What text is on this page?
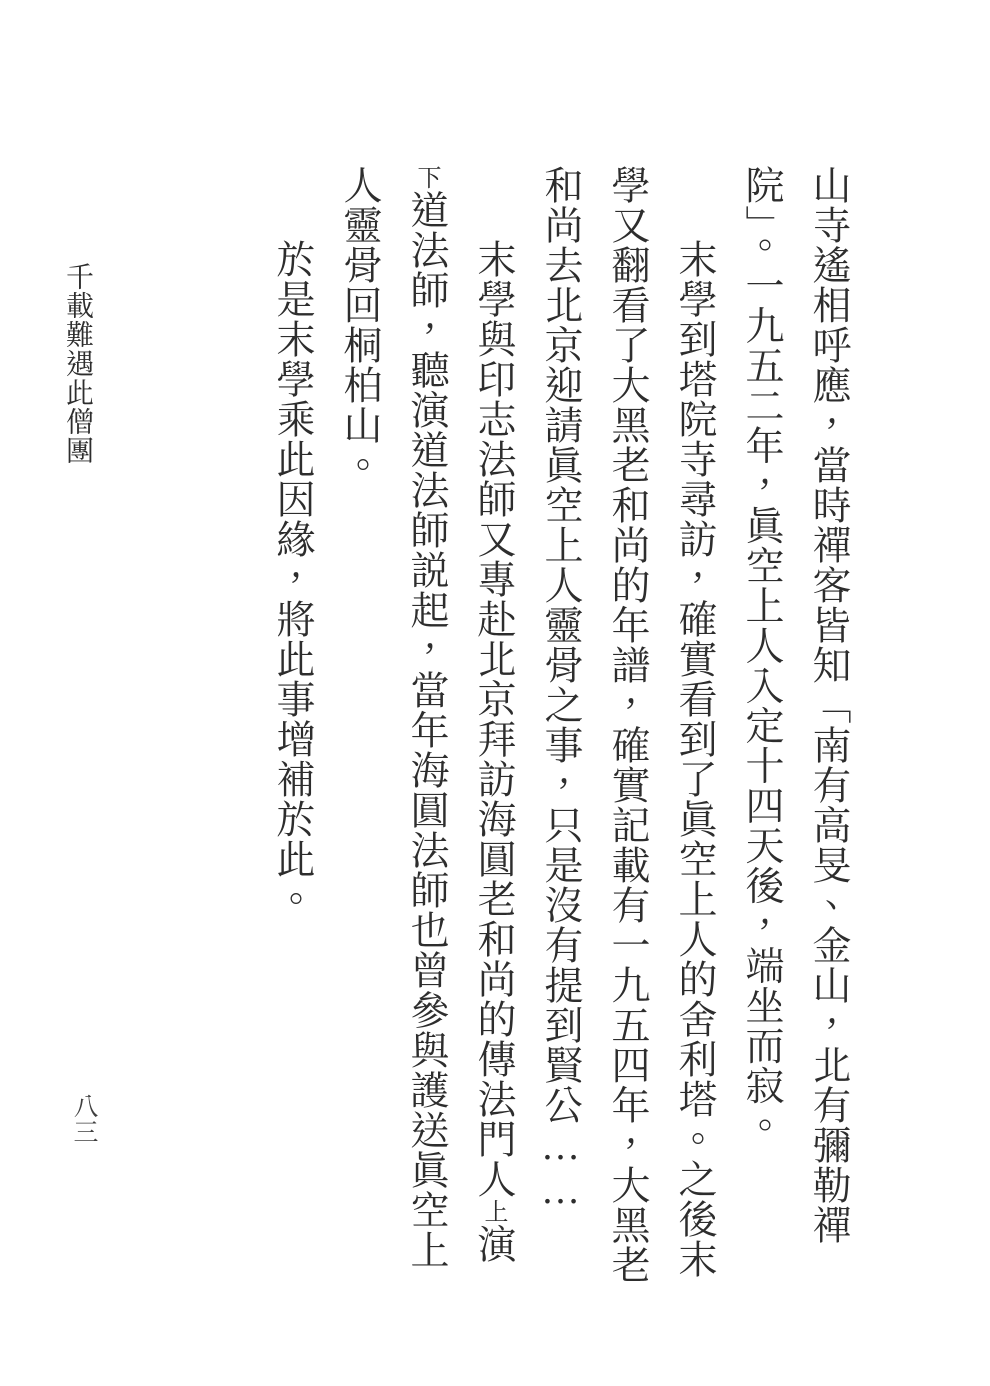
山寺遙相呼應，當時禪客皆知「南有高旻、金山，北有彌勒禪
院」。一九五二年，眞空上人入定十四天後，端坐而寂。
末學到塔院寺尋訪，確實看到了眞空上人的舍利塔。之後末
學又翻看了大黑老和尚的年譜，確實記載有一九五四年，大黑老
和尚去北京迎請眞空上人靈骨之事，只是沒有提到賢公……
末學與印志法師又專赴北京拜訪海圓老和尚的傳法門人上演
下道法師，聽演道法師説起，當年海圓法師也曾參與護送眞空上
人靈骨回桐柏山。
於是末學乘此因緣，將此事增補於此。
千載難遇此僧團
八三
